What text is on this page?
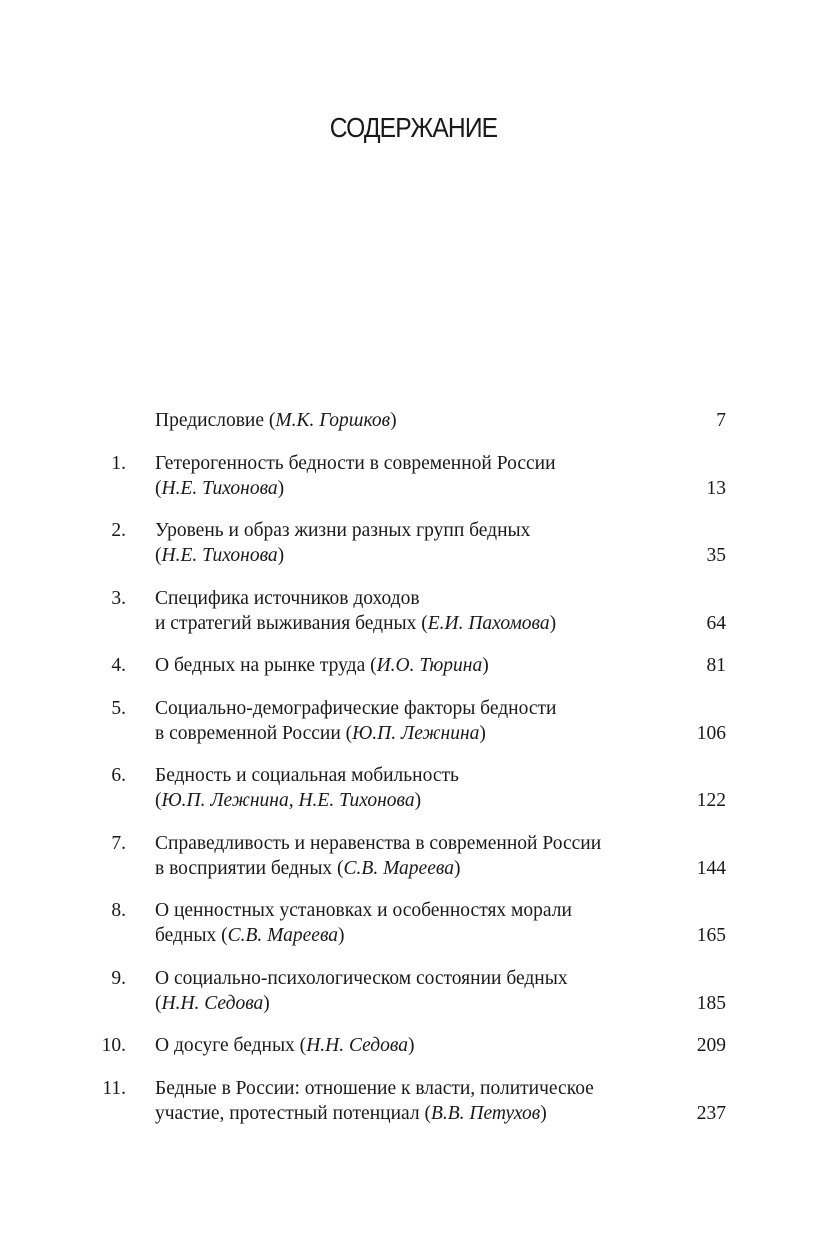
СОДЕРЖАНИЕ
Предисловие (М.К. Горшков)	7
1. Гетерогенность бедности в современной России
(Н.Е. Тихонова)	13
2. Уровень и образ жизни разных групп бедных
(Н.Е. Тихонова)	35
3. Специфика источников доходов
и стратегий выживания бедных (Е.И. Пахомова)	64
4. О бедных на рынке труда (И.О. Тюрина)	81
5. Социально-демографические факторы бедности
в современной России (Ю.П. Лежнина)	106
6. Бедность и социальная мобильность
(Ю.П. Лежнина, Н.Е. Тихонова)	122
7. Справедливость и неравенства в современной России
в восприятии бедных (С.В. Мареева)	144
8. О ценностных установках и особенностях морали
бедных (С.В. Мареева)	165
9. О социально-психологическом состоянии бедных
(Н.Н. Седова)	185
10. О досуге бедных (Н.Н. Седова)	209
11. Бедные в России: отношение к власти, политическое
участие, протестный потенциал (В.В. Петухов)	237
